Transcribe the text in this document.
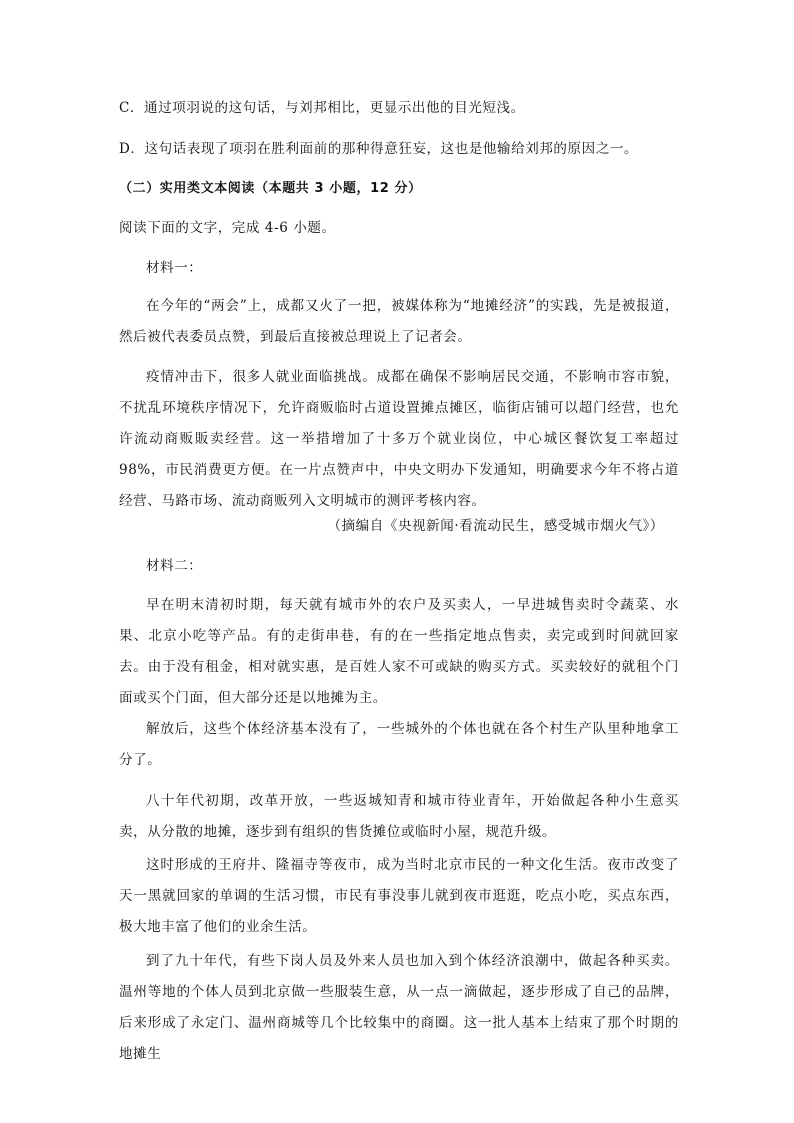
C．通过项羽说的这句话，与刘邦相比，更显示出他的目光短浅。
D．这句话表现了项羽在胜利面前的那种得意狂妄，这也是他输给刘邦的原因之一。
（二）实用类文本阅读（本题共 3 小题，12 分）
阅读下面的文字，完成 4-6 小题。
材料一：
在今年的“两会”上，成都又火了一把，被媒体称为“地摊经济”的实践，先是被报道，然后被代表委员点赞，到最后直接被总理说上了记者会。
疫情冲击下，很多人就业面临挑战。成都在确保不影响居民交通，不影响市容市貌，不扰乱环境秩序情况下，允许商贩临时占道设置摊点摊区，临街店铺可以超门经营，也允许流动商贩販卖经营。这一举措增加了十多万个就业岗位，中心城区餐饮复工率超过98%，市民消费更方便。在一片点赞声中，中央文明办下发通知，明确要求今年不将占道经营、马路市场、流动商贩列入文明城市的测评考核内容。
（摘编自《央视新闻·看流动民生，感受城市烟火气》）
材料二：
早在明末清初时期，每天就有城市外的农户及买卖人，一早进城售卖时令蔬菜、水果、北京小吃等产品。有的走街串巷，有的在一些指定地点售卖，卖完或到时间就回家去。由于没有租金，相对就实惠，是百姓人家不可或缺的购买方式。买卖较好的就租个门面或买个门面，但大部分还是以地摊为主。
解放后，这些个体经济基本没有了，一些城外的个体也就在各个村生产队里种地拿工分了。
八十年代初期，改革开放，一些返城知青和城市待业青年，开始做起各种小生意买卖，从分散的地摊，逐步到有组织的售货摊位或临时小屋，规范升级。
这时形成的王府井、隆福寺等夜市，成为当时北京市民的一种文化生活。夜市改变了天一黑就回家的单调的生活习惯，市民有事没事儿就到夜市逛逛，吃点小吃，买点东西，极大地丰富了他们的业余生活。
到了九十年代，有些下岗人员及外来人员也加入到个体经济浪潮中，做起各种买卖。温州等地的个体人员到北京做一些服装生意，从一点一滴做起，逐步形成了自己的品牌，后来形成了永定门、温州商城等几个比较集中的商圈。这一批人基本上结束了那个时期的地摊生
